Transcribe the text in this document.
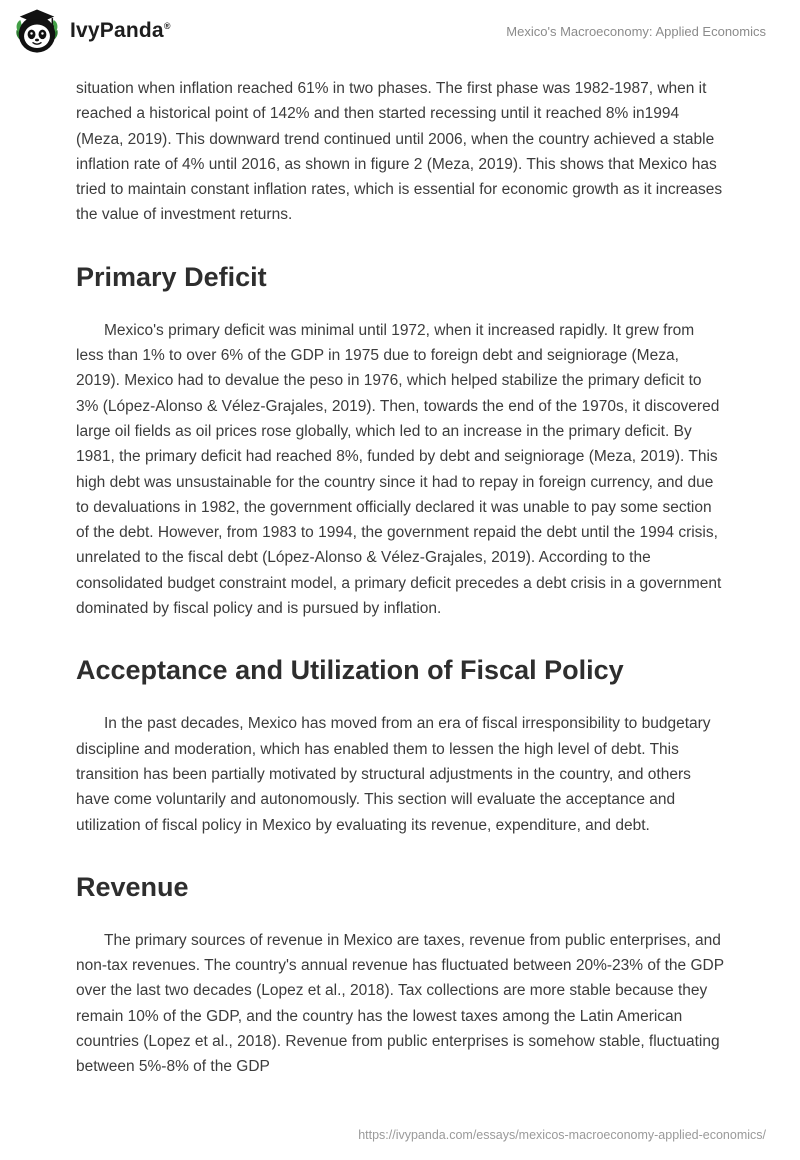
IvyPanda®	Mexico's Macroeconomy: Applied Economics

situation when inflation reached 61% in two phases. The first phase was 1982-1987, when it reached a historical point of 142% and then started recessing until it reached 8% in1994 (Meza, 2019). This downward trend continued until 2006, when the country achieved a stable inflation rate of 4% until 2016, as shown in figure 2 (Meza, 2019). This shows that Mexico has tried to maintain constant inflation rates, which is essential for economic growth as it increases the value of investment returns.

Primary Deficit

Mexico's primary deficit was minimal until 1972, when it increased rapidly. It grew from less than 1% to over 6% of the GDP in 1975 due to foreign debt and seigniorage (Meza, 2019). Mexico had to devalue the peso in 1976, which helped stabilize the primary deficit to 3% (López-Alonso & Vélez-Grajales, 2019). Then, towards the end of the 1970s, it discovered large oil fields as oil prices rose globally, which led to an increase in the primary deficit. By 1981, the primary deficit had reached 8%, funded by debt and seigniorage (Meza, 2019). This high debt was unsustainable for the country since it had to repay in foreign currency, and due to devaluations in 1982, the government officially declared it was unable to pay some section of the debt. However, from 1983 to 1994, the government repaid the debt until the 1994 crisis, unrelated to the fiscal debt (López-Alonso & Vélez-Grajales, 2019). According to the consolidated budget constraint model, a primary deficit precedes a debt crisis in a government dominated by fiscal policy and is pursued by inflation.

Acceptance and Utilization of Fiscal Policy

In the past decades, Mexico has moved from an era of fiscal irresponsibility to budgetary discipline and moderation, which has enabled them to lessen the high level of debt. This transition has been partially motivated by structural adjustments in the country, and others have come voluntarily and autonomously. This section will evaluate the acceptance and utilization of fiscal policy in Mexico by evaluating its revenue, expenditure, and debt.

Revenue

The primary sources of revenue in Mexico are taxes, revenue from public enterprises, and non-tax revenues. The country's annual revenue has fluctuated between 20%-23% of the GDP over the last two decades (Lopez et al., 2018). Tax collections are more stable because they remain 10% of the GDP, and the country has the lowest taxes among the Latin American countries (Lopez et al., 2018). Revenue from public enterprises is somehow stable, fluctuating between 5%-8% of the GDP

https://ivypanda.com/essays/mexicos-macroeconomy-applied-economics/
